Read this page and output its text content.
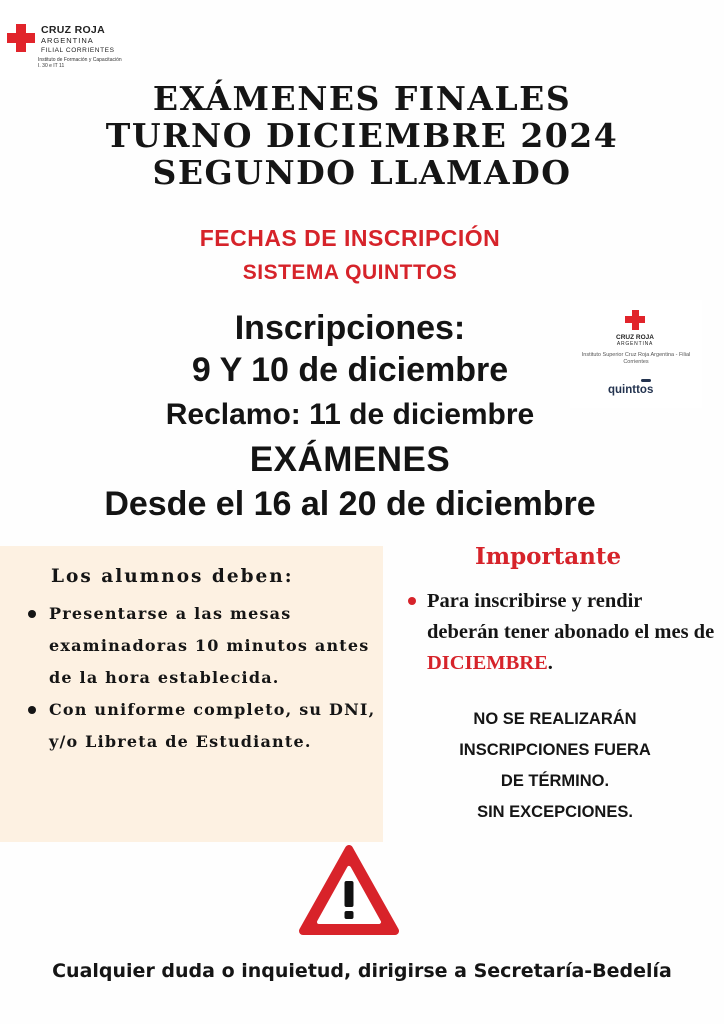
CRUZ ROJA
ARGENTINA
FILIAL CORRIENTES
Instituto de Formación y Capacitación
I. 30 e IT 11
EXÁMENES FINALES
TURNO DICIEMBRE 2024
SEGUNDO LLAMADO
FECHAS DE INSCRIPCIÓN
SISTEMA QUINTTOS
Inscripciones:
9 Y 10 de diciembre
Reclamo: 11 de diciembre
EXÁMENES
Desde el 16 al 20 de diciembre
CRUZ ROJA
ARGENTINA
Instituto Superior Cruz Roja Argentina - Filial Corrientes
quinttos
Los alumnos deben:
Presentarse a las mesas examinadoras 10 minutos antes de la hora establecida.
Con uniforme completo, su DNI, y/o Libreta de Estudiante.
Importante
Para inscribirse y rendir deberán tener abonado el mes de DICIEMBRE.
NO SE REALIZARÁN
INSCRIPCIONES FUERA
DE TÉRMINO.
SIN EXCEPCIONES.
Cualquier duda o inquietud, dirigirse a Secretaría-Bedelía
